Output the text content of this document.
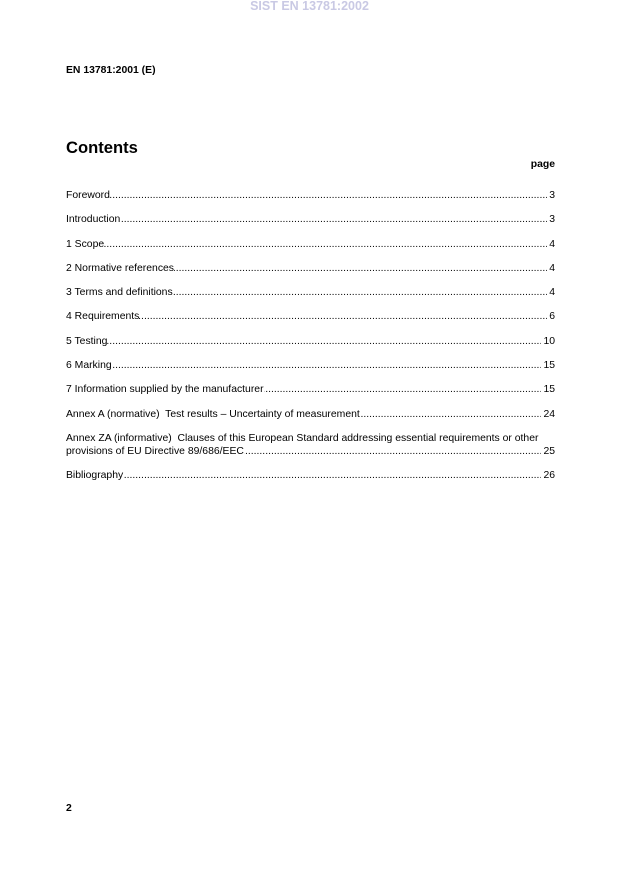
SIST EN 13781:2002
EN 13781:2001 (E)
Contents
page
..... Foreword	3
..... Introduction	3
..... 1 Scope	4
..... 2 Normative references	4
..... 3 Terms and definitions	4
..... 4 Requirements	6
..... 5 Testing	10
..... 6 Marking	15
..... 7 Information supplied by the manufacturer	15
..... Annex A (normative)  Test results – Uncertainty of measurement	24
..... Annex ZA (informative)  Clauses of this European Standard addressing essential requirements or other provisions of EU Directive 89/686/EEC	25
..... Bibliography	26
2
